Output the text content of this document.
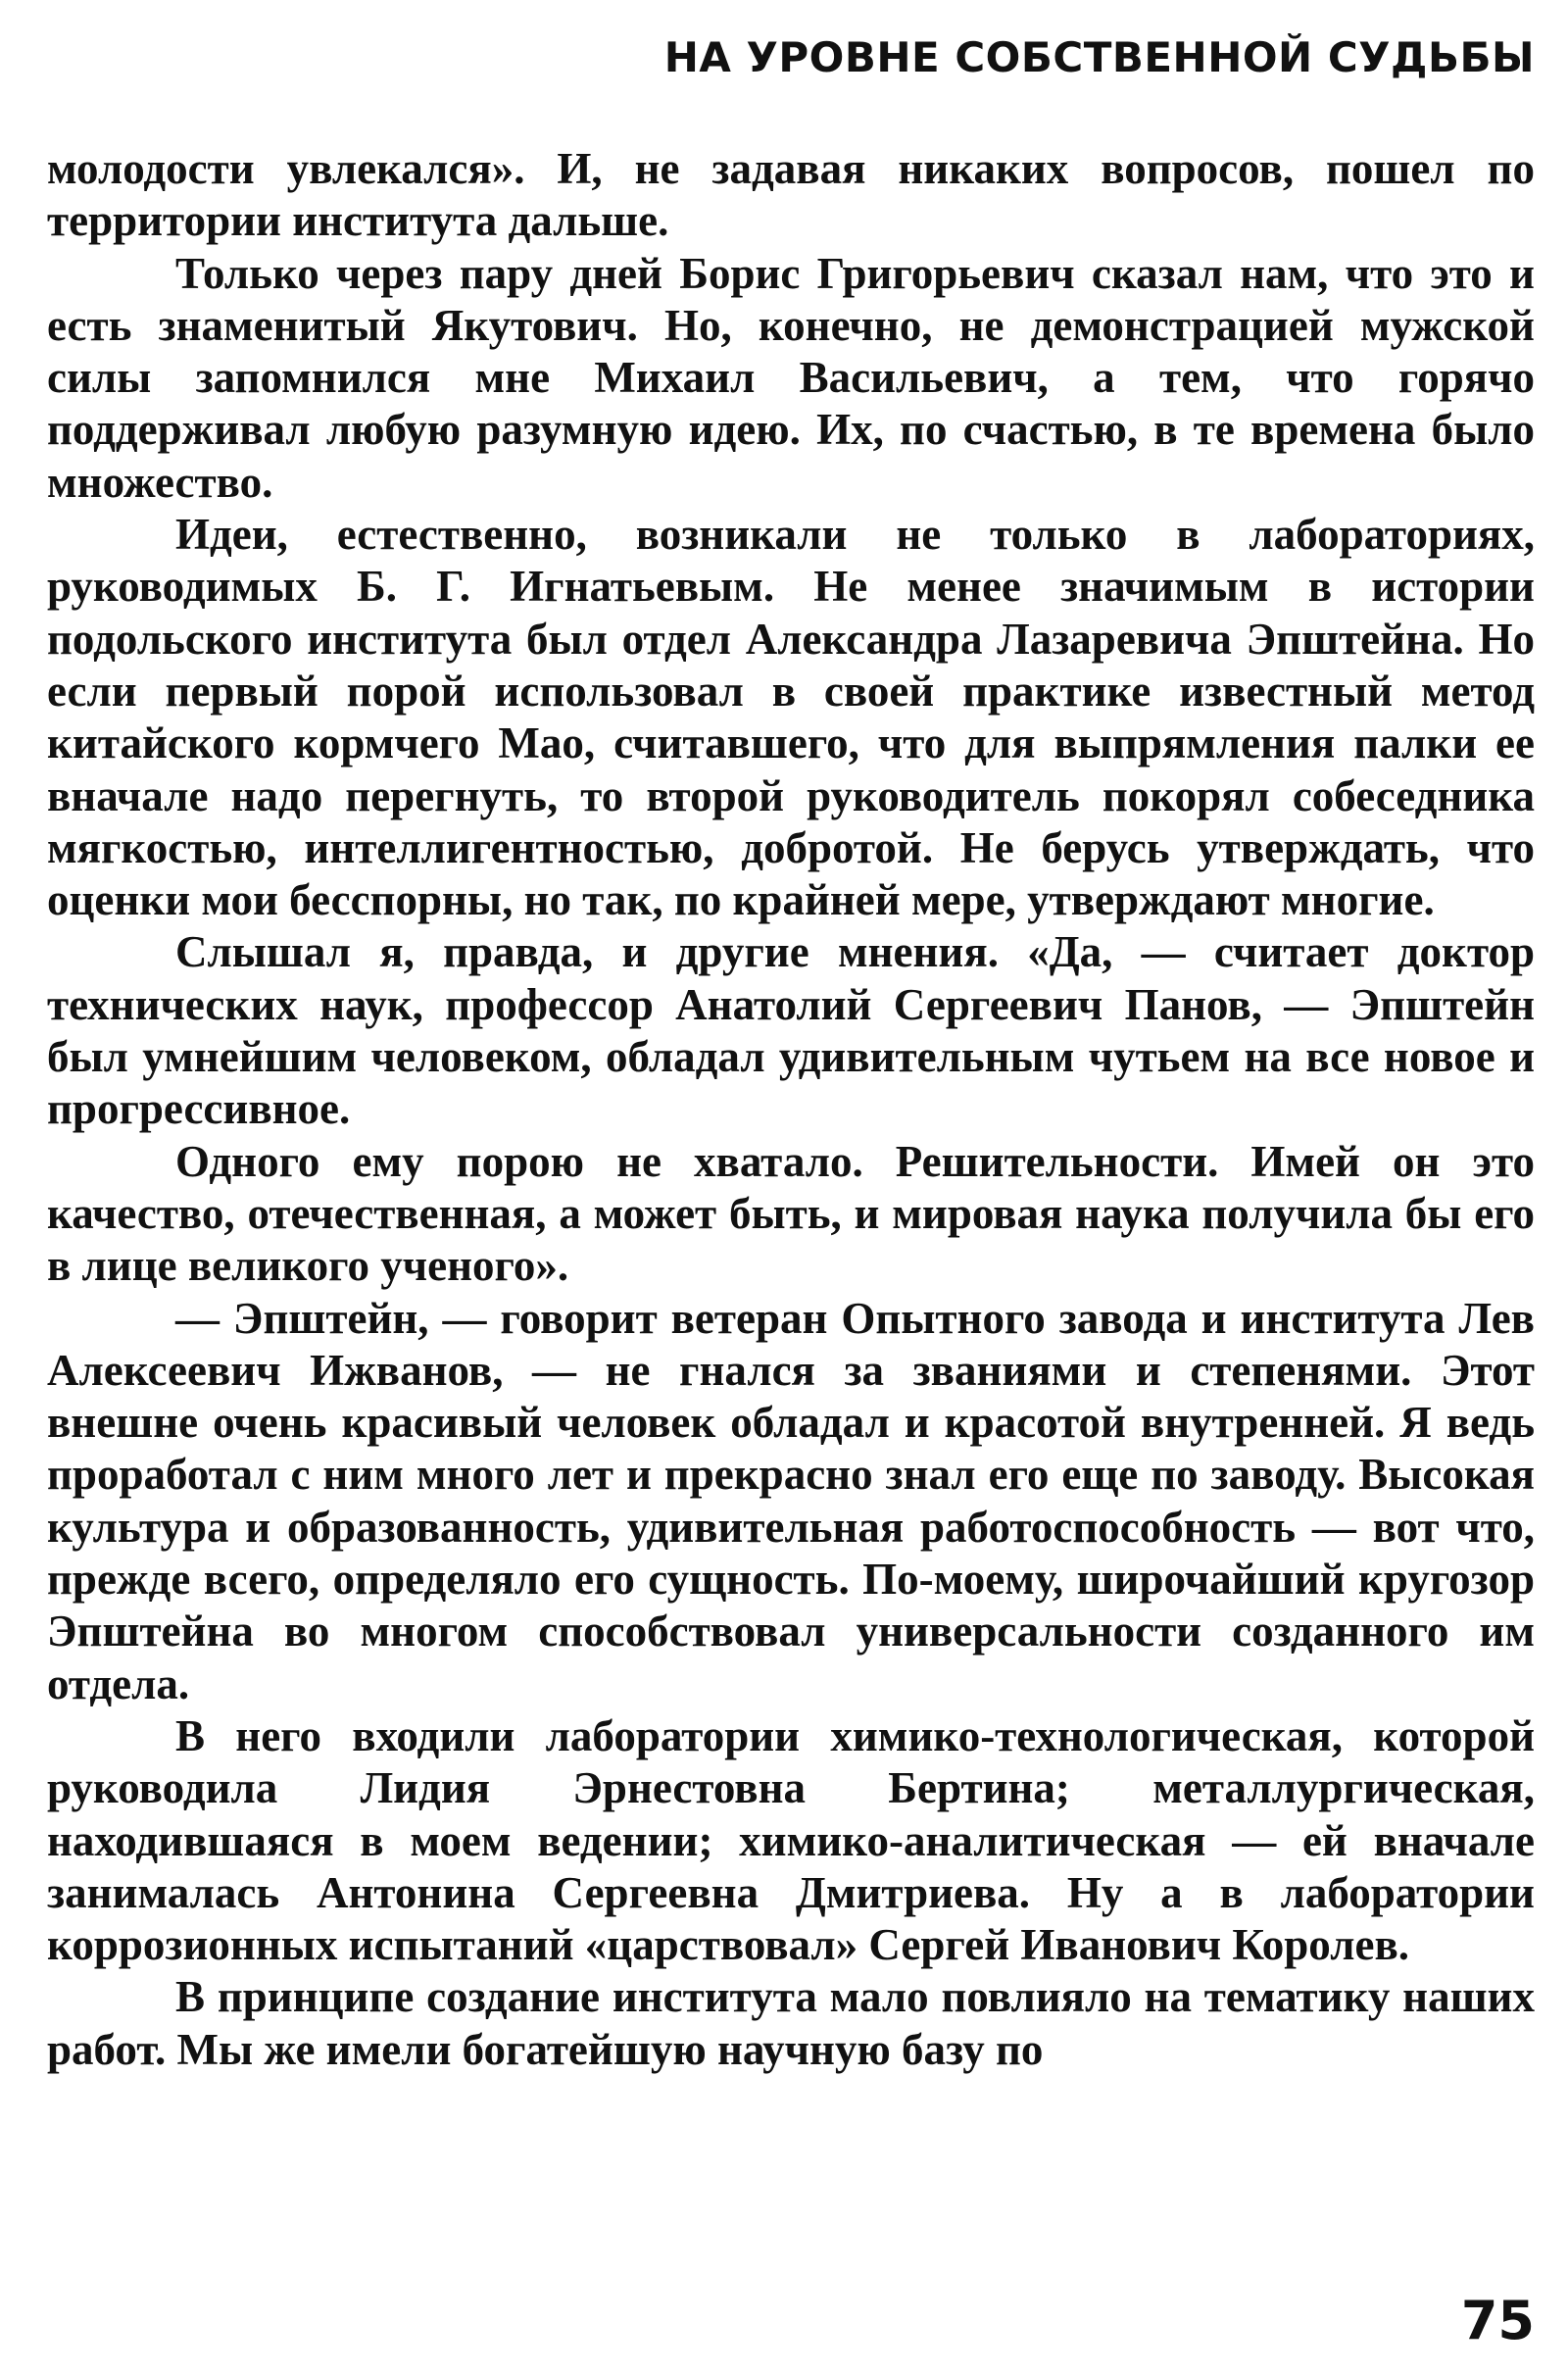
НА УРОВНЕ СОБСТВЕННОЙ СУДЬБЫ

молодости увлекался». И, не задавая никаких вопросов, пошел по территории института дальше.

Только через пару дней Борис Григорьевич сказал нам, что это и есть знаменитый Якутович. Но, конечно, не демонстрацией мужской силы запомнился мне Михаил Васильевич, а тем, что горячо поддерживал любую разумную идею. Их, по счастью, в те времена было множество.

Идеи, естественно, возникали не только в лабораториях, руководимых Б. Г. Игнатьевым. Не менее значимым в истории подольского института был отдел Александра Лазаревича Эпштейна. Но если первый порой использовал в своей практике известный метод китайского кормчего Мао, считавшего, что для выпрямления палки ее вначале надо перегнуть, то второй руководитель покорял собеседника мягкостью, интеллигентностью, добротой. Не берусь утверждать, что оценки мои бесспорны, но так, по крайней мере, утверждают многие.

Слышал я, правда, и другие мнения. «Да, — считает доктор технических наук, профессор Анатолий Сергеевич Панов, — Эпштейн был умнейшим человеком, обладал удивительным чутьем на все новое и прогрессивное.

Одного ему порою не хватало. Решительности. Имей он это качество, отечественная, а может быть, и мировая наука получила бы его в лице великого ученого».

— Эпштейн, — говорит ветеран Опытного завода и института Лев Алексеевич Ижванов, — не гнался за званиями и степенями. Этот внешне очень красивый человек обладал и красотой внутренней. Я ведь проработал с ним много лет и прекрасно знал его еще по заводу. Высокая культура и образованность, удивительная работоспособность — вот что, прежде всего, определяло его сущность. По-моему, широчайший кругозор Эпштейна во многом способствовал универсальности созданного им отдела.

В него входили лаборатории химико-технологическая, которой руководила Лидия Эрнестовна Бертина; металлургическая, находившаяся в моем ведении; химико-аналитическая — ей вначале занималась Антонина Сергеевна Дмитриева. Ну а в лаборатории коррозионных испытаний «царствовал» Сергей Иванович Королев.

В принципе создание института мало повлияло на тематику наших работ. Мы же имели богатейшую научную базу по

75
